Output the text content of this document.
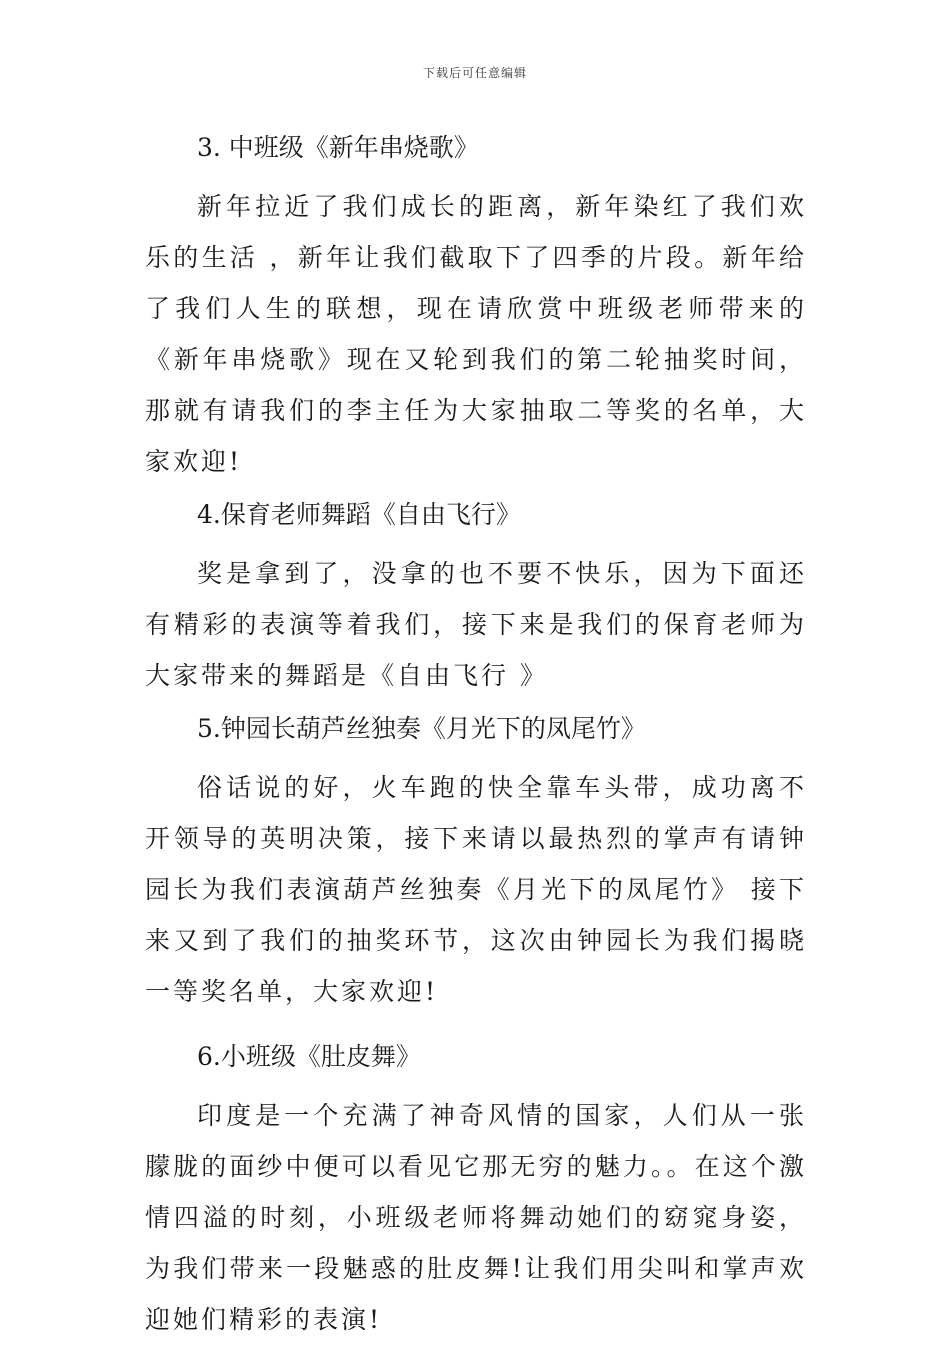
下载后可任意编辑
3. 中班级《新年串烧歌》

新年拉近了我们成长的距离，新年染红了我们欢乐的生活 ，新年让我们截取下了四季的片段。新年给了我们人生的联想，现在请欣赏中班级老师带来的《新年串烧歌》现在又轮到我们的第二轮抽奖时间，那就有请我们的李主任为大家抽取二等奖的名单，大家欢迎!

4.保育老师舞蹈《自由飞行》

奖是拿到了，没拿的也不要不快乐，因为下面还有精彩的表演等着我们，接下来是我们的保育老师为大家带来的舞蹈是《自由飞行 》

5.钟园长葫芦丝独奏《月光下的凤尾竹》

俗话说的好，火车跑的快全靠车头带，成功离不开领导的英明决策，接下来请以最热烈的掌声有请钟园长为我们表演葫芦丝独奏《月光下的凤尾竹》 接下来又到了我们的抽奖环节，这次由钟园长为我们揭晓一等奖名单，大家欢迎!

6.小班级《肚皮舞》

印度是一个充满了神奇风情的国家，人们从一张朦胧的面纱中便可以看见它那无穷的魅力。。在这个激情四溢的时刻，小班级老师将舞动她们的窈窕身姿，为我们带来一段魅惑的肚皮舞!让我们用尖叫和掌声欢迎她们精彩的表演!
